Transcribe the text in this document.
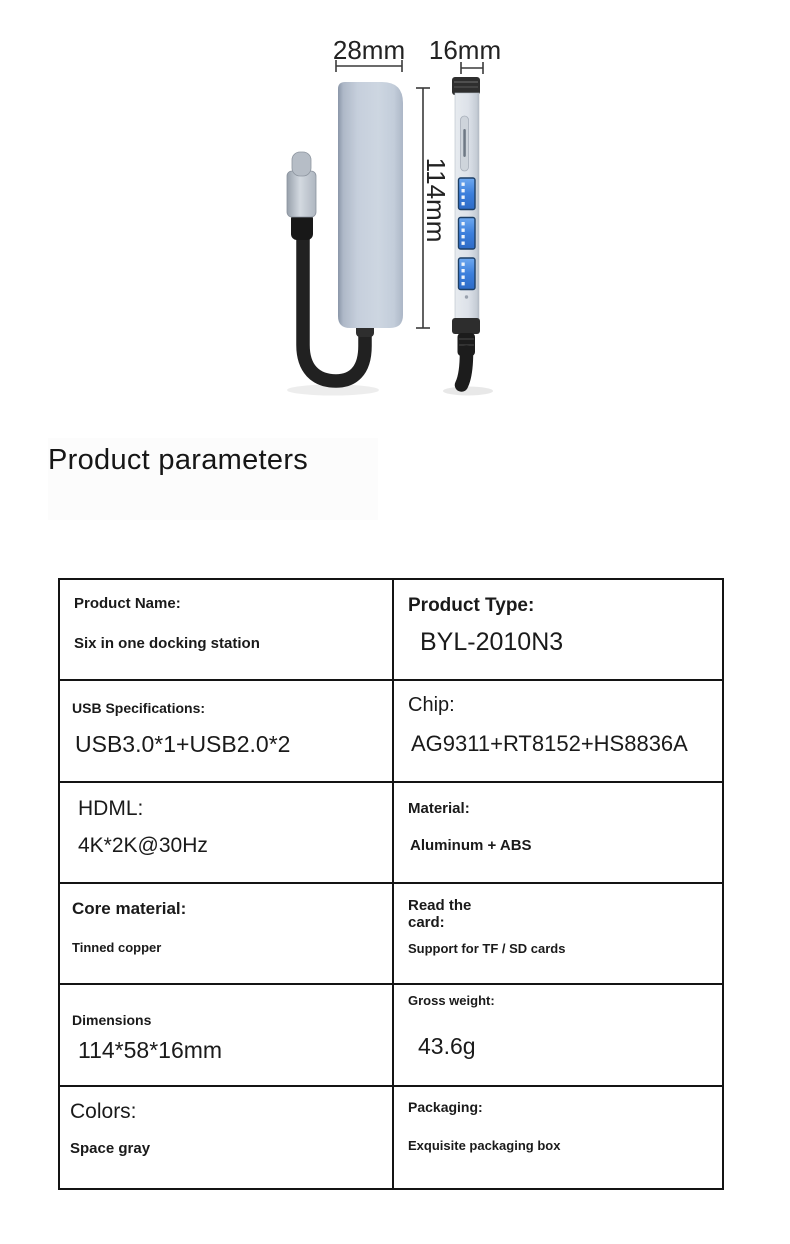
28mm 16mm
114mm
Product parameters
Product Name:
Six in one docking station
Product Type:
BYL-2010N3
USB Specifications:
USB3.0*1+USB2.0*2
Chip:
AG9311+RT8152+HS8836A
HDML:
4K*2K@30Hz
Material:
Aluminum + ABS
Core material:
Tinned copper
Read the card:
Support for TF / SD cards
Dimensions
114*58*16mm
Gross weight:
43.6g
Colors:
Space gray
Packaging:
Exquisite packaging box
